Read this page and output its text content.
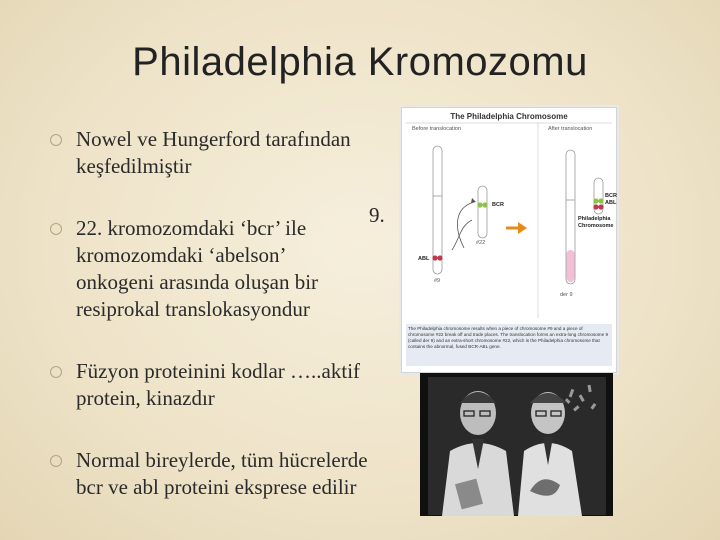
Philadelphia Kromozomu
Nowel ve Hungerford tarafından keşfedilmiştir
22. kromozomdaki ‘bcr’ ile kromozomdaki ‘abelson’ onkogeni arasında oluşan bir resiprokal translokasyondur
Füzyon proteinini kodlar …..aktif protein, kinazdır
Normal bireylerde, tüm hücrelerde bcr ve abl proteini ekspresе edilir
9.
The Philadelphia Chromosome
Before translocation	After translocation
BCR
#22
ABL
#9
der 9
BCR
ABL
Philadelphia
Chromosome
The Philadelphia chromosome results when a piece of chromosome #9 and a piece of chromosome #22 break off and trade places. The translocation forms an extra-long chromosome 9 (called der 9) and an extra-short chromosome #22, which is the Philadelphia chromosome that contains the abnormal, fused BCR-ABL gene.
